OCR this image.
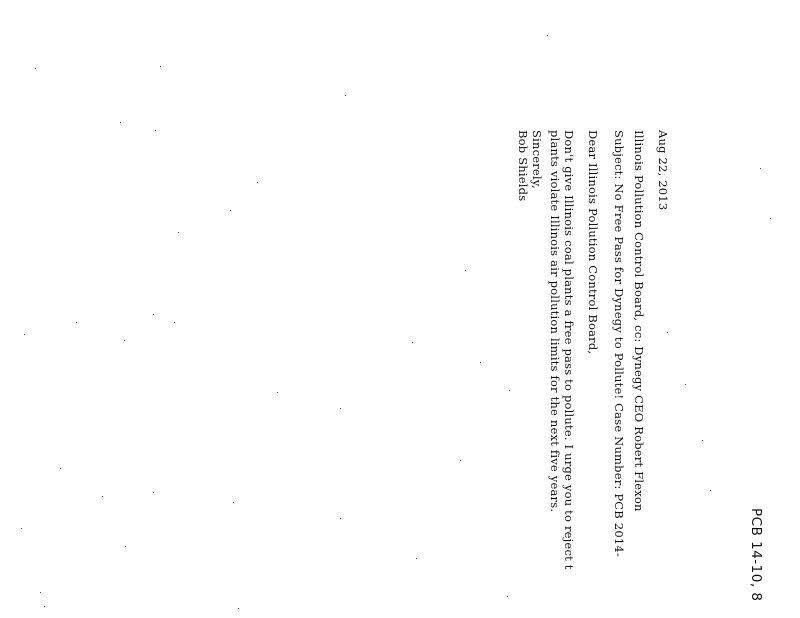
PCB 14-10, 8
Aug 22, 2013
Illinois Pollution Control Board, cc: Dynegy CEO Robert Flexon
Subject: No Free Pass for Dynegy to Pollute! Case Number: PCB 2014-
Dear Illinois Pollution Control Board,
Don't give Illinois coal plants a free pass to pollute. I urge you to reject t
plants violate Illinois air pollution limits for the next five years.
Sincerely,
Bob Shields
